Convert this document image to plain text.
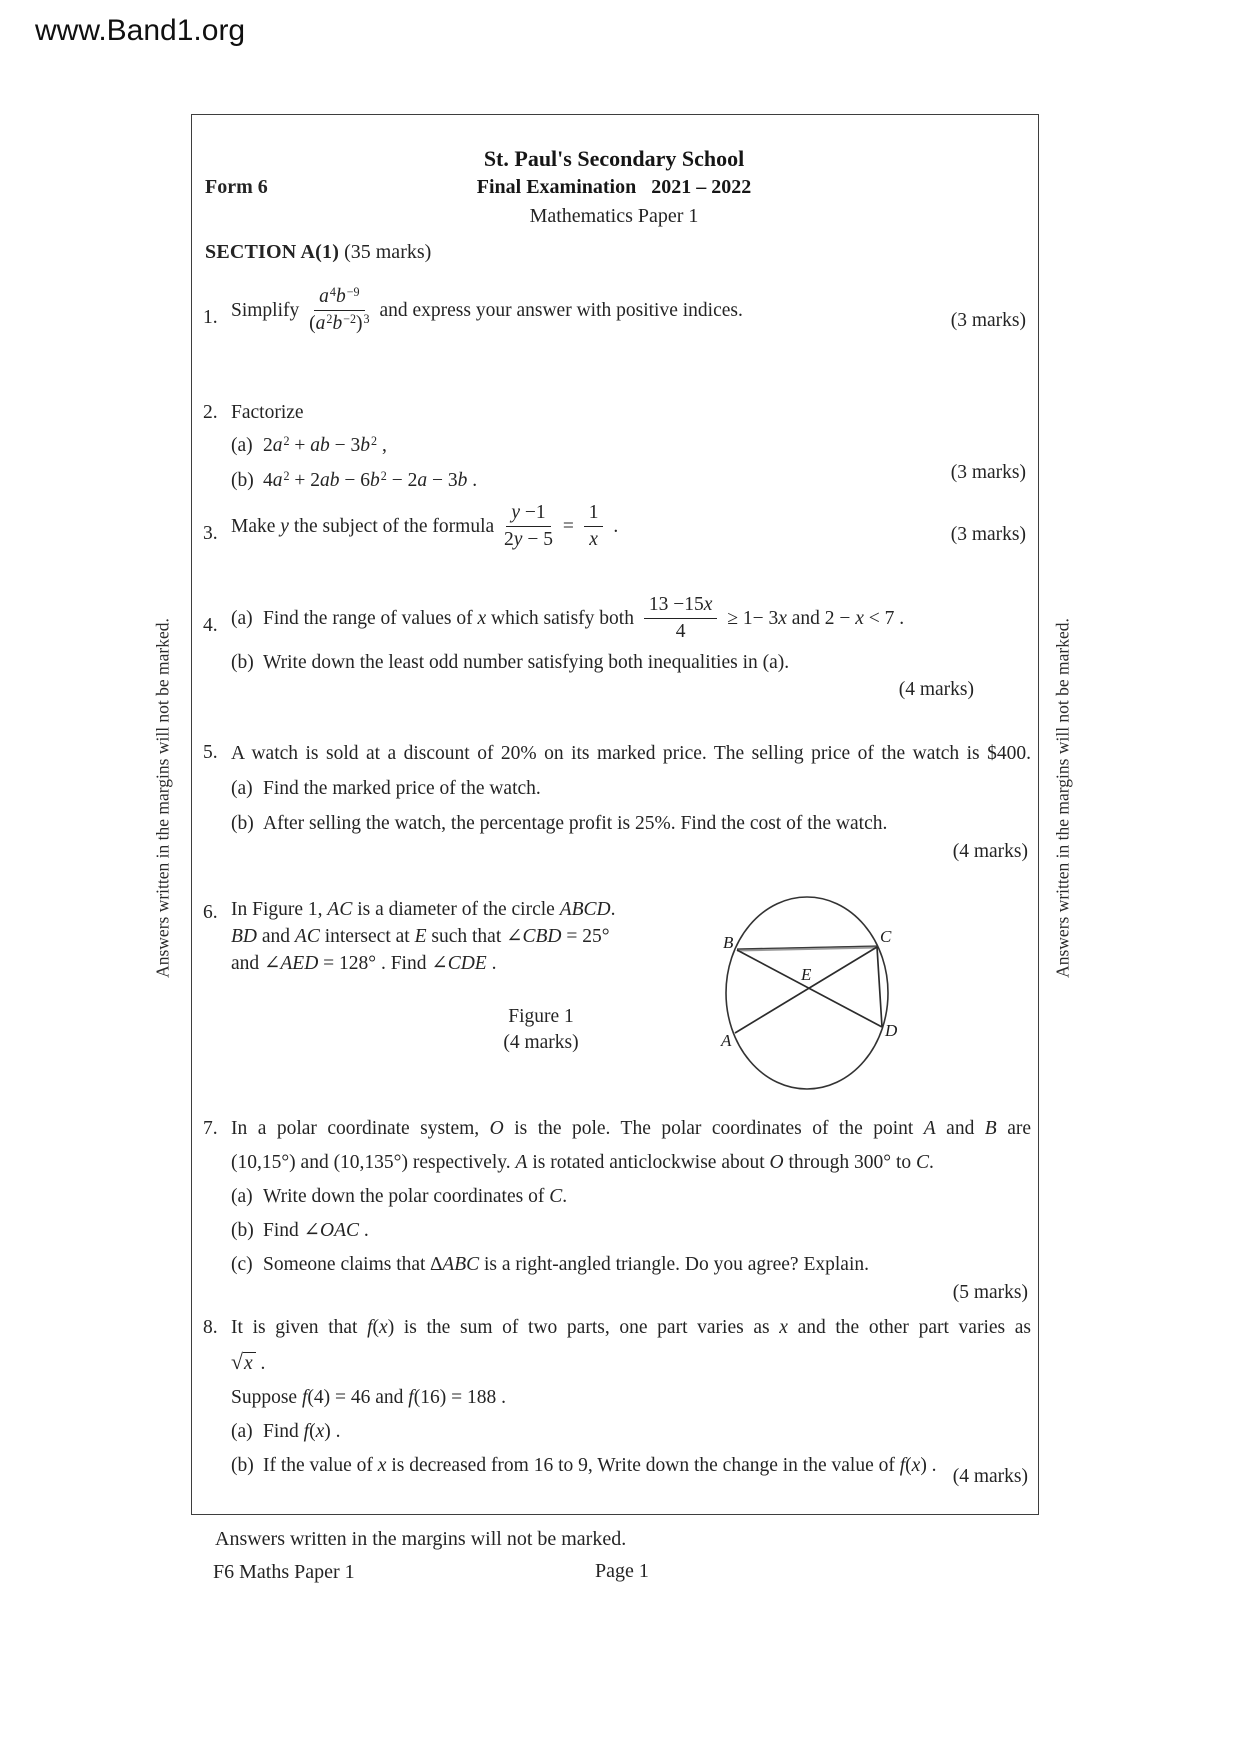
www.Band1.org
Answers written in the margins will not be marked.	Answers written in the margins will not be marked.
St. Paul's Secondary School
Form 6	Final Examination   2021 – 2022
Mathematics Paper 1
SECTION A(1) (35 marks)
1. Simplify $\frac{a^4b^{-9}}{(a^2b^{-2})^3}$ and express your answer with positive indices.
2. Factorize
(a) $2a^2$ + ab − $3b^2$ ,
(b) $4a^2 + 2ab - 6b^2 - 2a - 3b$ .
3. Make y the subject of the formula $\frac{y -1}{2y - 5} = \frac{1}{x}$ .
4. (a) Find the range of values of x which satisfy both $\frac{13 -15x}{4} \ge 1- 3x$ and 2 − x < 7 .
(b) Write down the least odd number satisfying both inequalities in (a).
5. A watch is sold at a discount of 20% on its marked price. The selling price of the watch is $400.
(a) Find the marked price of the watch.
(b) After selling the watch, the percentage profit is 25%. Find the cost of the watch.
6. In Figure 1, AC is a diameter of the circle ABCD.
BD and AC intersect at E such that ∠CBD = 25°
and ∠AED = 128° . Find ∠CDE .
Figure 1
(4 marks)
B	C
E
A
D
7. In a polar coordinate system, O is the pole. The polar coordinates of the point A and B are
(10,15°) and (10,135°) respectively. A is rotated anticlockwise about O through 300° to C.
(a) Write down the polar coordinates of C.
(b) Find ∠OAC .
(c) Someone claims that ∆ABC is a right-angled triangle. Do you agree? Explain.
8. It is given that f(x) is the sum of two parts, one part varies as x and the other part varies as
√x .
Suppose f(4) = 46 and f(16) = 188 .
(a) Find f(x) .
(b) If the value of x is decreased from 16 to 9, Write down the change in the value of f(x) .
(3 marks)
(3 marks)
(3 marks)
(4 marks)
(4 marks)
(5 marks)
(4 marks)
Answers written in the margins will not be marked.
F6 Maths Paper 1	Page 1
